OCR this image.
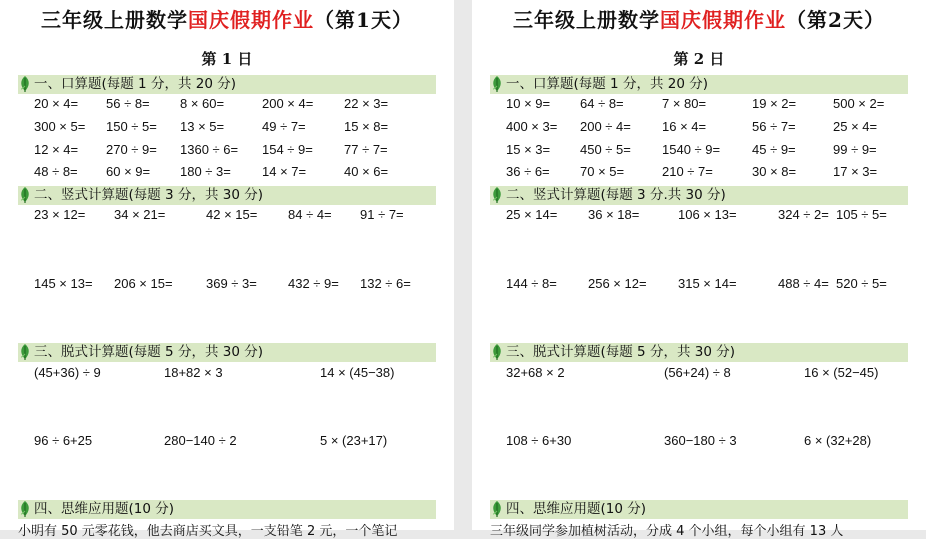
三年级上册数学国庆假期作业（第1天）
第 1 日
一、口算题(每题 1 分，共 20 分)
20 × 4= 56 ÷ 8= 8 × 60=	200 × 4= 22 × 3=
300 × 5= 150 ÷ 5= 13 × 5=	49 ÷ 7=	15 × 8=
12 × 4= 270 ÷ 9= 1360 ÷ 6= 154 ÷ 9= 77 ÷ 7=
48 ÷ 8= 60 × 9= 180 ÷ 3= 14 × 7=	40 × 6=
二、竖式计算题(每题 3 分，共 30 分)
23 × 12= 34 × 21=	42 × 15= 84 ÷ 4= 91 ÷ 7=
145 × 13= 206 × 15=	369 ÷ 3= 432 ÷ 9= 132 ÷ 6=
三、脱式计算题(每题 5 分，共 30 分)
(45+36) ÷ 9	18+82 × 3	14 × (45−38)
96 ÷ 6+25	280−140 ÷ 2	5 × (23+17)
四、思维应用题(10 分)
小明有 50 元零花钱，他去商店买文具，一支铅笔 2 元，一个笔记
三年级上册数学国庆假期作业（第2天）
第 2 日
一、口算题(每题 1 分，共 20 分)
10 × 9= 64 ÷ 8=	7 × 80=	19 × 2=	500 × 2=
400 × 3= 200 ÷ 4= 16 × 4=	56 ÷ 7=	25 × 4=
15 × 3= 450 ÷ 5= 1540 ÷ 9= 45 ÷ 9=	99 ÷ 9=
36 ÷ 6= 70 × 5=	210 ÷ 7=	30 × 8=	17 × 3=
二、竖式计算题(每题 3 分.共 30 分)
25 × 14= 36 × 18=	106 × 13=	324 ÷ 2= 105 ÷ 5=
144 ÷ 8= 256 × 12= 315 × 14=	488 ÷ 4= 520 ÷ 5=
三、脱式计算题(每题 5 分，共 30 分)
32+68 × 2	(56+24) ÷ 8	16 × (52−45)
108 ÷ 6+30	360−180 ÷ 3	6 × (32+28)
四、思维应用题(10 分)
三年级同学参加植树活动，分成 4 个小组，每个小组有 13 人
